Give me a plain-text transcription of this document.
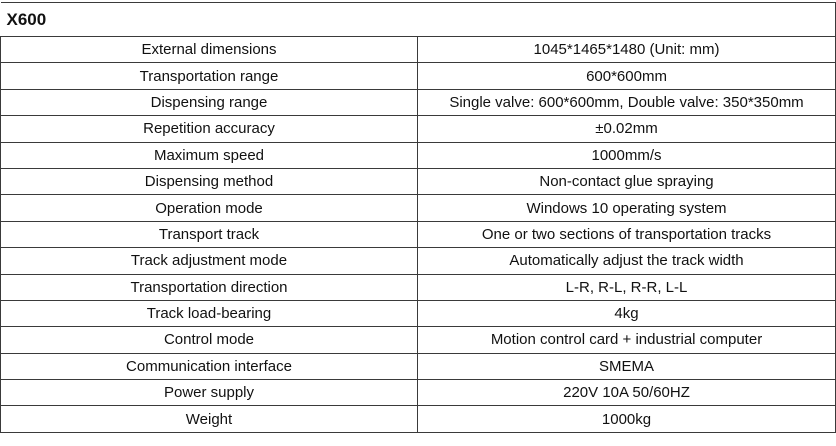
X600	
External dimensions	1045*1465*1480 (Unit: mm)
Transportation range	600*600mm
Dispensing range	Single valve: 600*600mm, Double valve: 350*350mm
Repetition accuracy	±0.02mm
Maximum speed	1000mm/s
Dispensing method	Non-contact glue spraying
Operation mode	Windows 10 operating system
Transport track	One or two sections of transportation tracks
Track adjustment mode	Automatically adjust the track width
Transportation direction	L-R, R-L, R-R, L-L
Track load-bearing	4kg
Control mode	Motion control card + industrial computer
Communication interface	SMEMA
Power supply	220V 10A 50/60HZ
Weight	1000kg
